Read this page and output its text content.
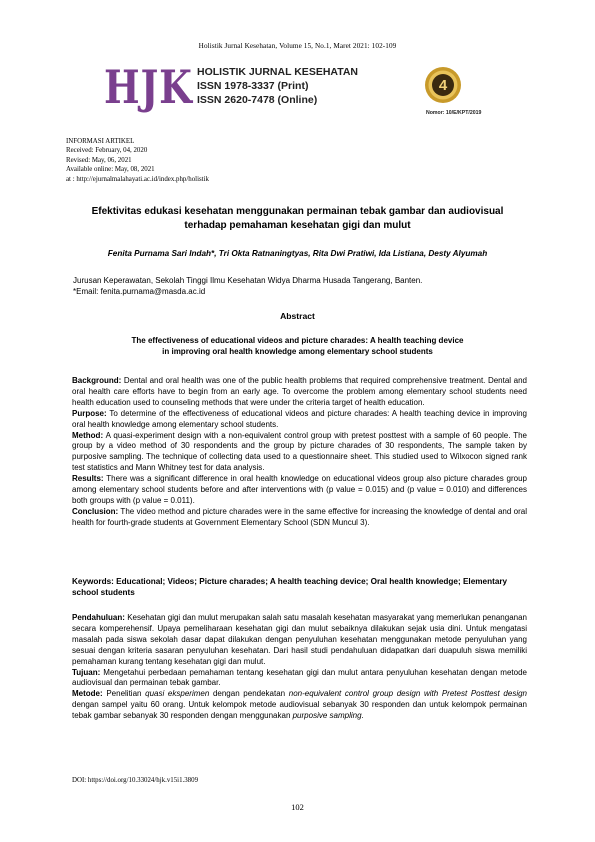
Holistik Jurnal Kesehatan, Volume 15, No.1, Maret 2021: 102-109
HJK HOLISTIK JURNAL KESEHATAN
ISSN 1978-3337 (Print)
ISSN 2620-7478 (Online)
4
Nomor: 10/E/KPT/2019
INFORMASI ARTIKEL
Received: February, 04, 2020
Revised: May, 06, 2021
Available online: May, 08, 2021
at : http://ejurnalmalahayati.ac.id/index.php/holistik
Efektivitas edukasi kesehatan menggunakan permainan tebak gambar dan audiovisual
terhadap pemahaman kesehatan gigi dan mulut
Fenita Purnama Sari Indah*, Tri Okta Ratnaningtyas, Rita Dwi Pratiwi, Ida Listiana, Desty Alyumah
Jurusan Keperawatan, Sekolah Tinggi Ilmu Kesehatan Widya Dharma Husada Tangerang, Banten.
*Email: fenita.purnama@masda.ac.id
Abstract
The effectiveness of educational videos and picture charades: A health teaching device
in improving oral health knowledge among elementary school students

Background: Dental and oral health was one of the public health problems that required comprehensive treatment. Dental and oral health care efforts have to begin from an early age. To overcome the problem among elementary school students need health education used to counseling methods that were under the criteria target of health education.

Purpose: To determine of the effectiveness of educational videos and picture charades: A health teaching device in improving oral health knowledge among elementary school students.

Method: A quasi-experiment design with a non-equivalent control group with pretest posttest with a sample of 60 people. The group by a video method of 30 respondents and the group by picture charades of 30 respondents, The sample taken by purposive sampling. The technique of collecting data used to a questionnaire sheet. This studied used to Wilxocon signed rank test statistics and Mann Whitney test for data analysis.

Results: There was a significant difference in oral health knowledge on educational videos group also picture charades group among elementary school students before and after interventions with (p value = 0.015) and (p value = 0.010) and differences both groups with (p value = 0.011).

Conclusion: The video method and picture charades were in the same effective for increasing the knowledge of dental and oral health for fourth-grade students at Government Elementary School (SDN Muncul 3).

Keywords: Educational; Videos; Picture charades; A health teaching device; Oral health knowledge; Elementary school students

Pendahuluan: Kesehatan gigi dan mulut merupakan salah satu masalah kesehatan masyarakat yang memerlukan penanganan secara komperehensif. Upaya pemeliharaan kesehatan gigi dan mulut sebaiknya dilakukan sejak usia dini. Untuk mengatasi masalah pada siswa sekolah dasar dapat dilakukan dengan penyuluhan kesehatan menggunakan metode penyuluhan yang sesuai dengan kriteria sasaran penyuluhan kesehatan. Dari hasil studi pendahuluan didapatkan dari duapuluh siswa memiliki pemahaman kurang tentang kesehatan gigi dan mulut.

Tujuan: Mengetahui perbedaan pemahaman tentang kesehatan gigi dan mulut antara penyuluhan kesehatan dengan metode audiovisual dan permainan tebak gambar.

Metode: Penelitian quasi eksperimen dengan pendekatan non-equivalent control group design with Pretest Posttest design dengan sampel yaitu 60 orang. Untuk kelompok metode audiovisual sebanyak 30 responden dan untuk kelompok permainan tebak gambar sebanyak 30 responden dengan menggunakan purposive sampling.

DOI: https://doi.org/10.33024/hjk.v15i1.3809
102
